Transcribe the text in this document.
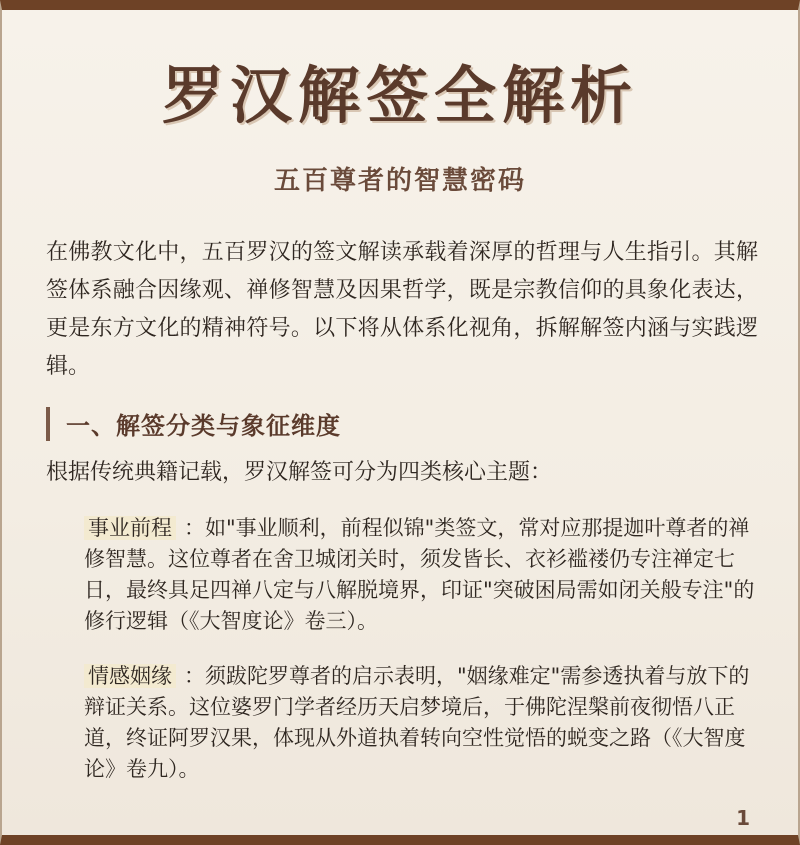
罗汉解签全解析
五百尊者的智慧密码
在佛教文化中，五百罗汉的签文解读承载着深厚的哲理与人生指引。其解签体系融合因缘观、禅修智慧及因果哲学，既是宗教信仰的具象化表达，更是东方文化的精神符号。以下将从体系化视角，拆解解签内涵与实践逻辑。
一、解签分类与象征维度
根据传统典籍记载，罗汉解签可分为四类核心主题：
事业前程 ：如"事业顺利，前程似锦"类签文，常对应那提迦叶尊者的禅修智慧。这位尊者在舍卫城闭关时，须发皆长、衣衫褴褛仍专注禅定七日，最终具足四禅八定与八解脱境界，印证"突破困局需如闭关般专注"的修行逻辑（《大智度论》卷三）。
情感姻缘 ：须跋陀罗尊者的启示表明，"姻缘难定"需参透执着与放下的辩证关系。这位婆罗门学者经历天启梦境后，于佛陀涅槃前夜彻悟八正道，终证阿罗汉果，体现从外道执着转向空性觉悟的蜕变之路（《大智度论》卷九）。
1
